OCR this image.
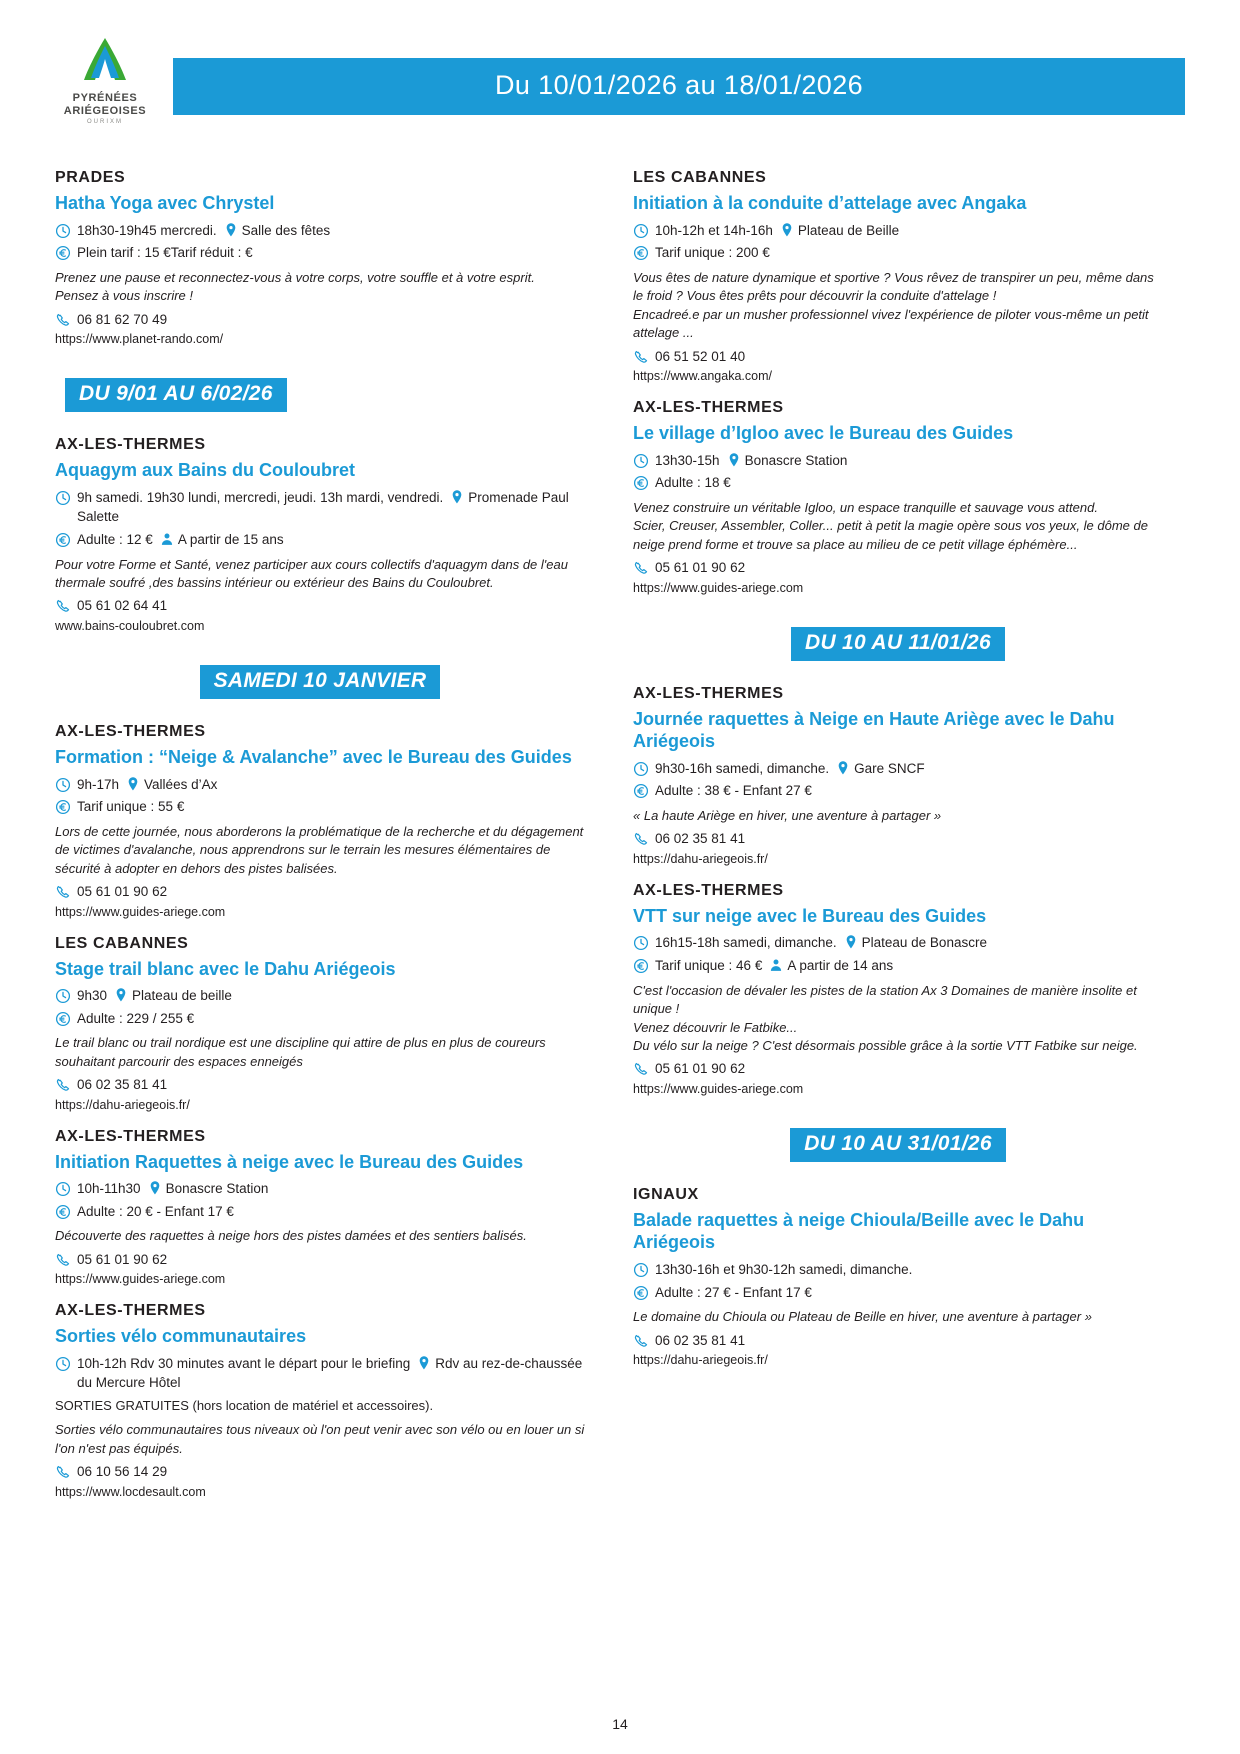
PYRÉNÉES
ARIÉGEOISES
OURIXM
Du 10/01/2026 au 18/01/2026
PRADES
Hatha Yoga avec Chrystel
18h30-19h45 mercredi. Salle des fêtes
Plein tarif : 15 €Tarif réduit : €
Prenez une pause et reconnectez-vous à votre corps, votre souffle et à votre esprit.
Pensez à vous inscrire !
06 81 62 70 49
https://www.planet-rando.com/
DU 9/01 AU 6/02/26
AX-LES-THERMES
Aquagym aux Bains du Couloubret
9h samedi. 19h30 lundi, mercredi, jeudi. 13h mardi, vendredi. Promenade Paul Salette
Adulte : 12 € A partir de 15 ans
Pour votre Forme et Santé, venez participer aux cours collectifs d'aquagym dans de l'eau thermale soufré ,des bassins intérieur ou extérieur des Bains du Couloubret.
05 61 02 64 41
www.bains-couloubret.com
SAMEDI 10 JANVIER
AX-LES-THERMES
Formation : “Neige & Avalanche” avec le Bureau des Guides
9h-17h Vallées d’Ax
Tarif unique : 55 €
Lors de cette journée, nous aborderons la problématique de la recherche et du dégagement de victimes d'avalanche, nous apprendrons sur le terrain les mesures élémentaires de sécurité à adopter en dehors des pistes balisées.
05 61 01 90 62
https://www.guides-ariege.com
LES CABANNES
Stage trail blanc avec le Dahu Ariégeois
9h30 Plateau de beille
Adulte : 229 / 255 €
Le trail blanc ou trail nordique est une discipline qui attire de plus en plus de coureurs souhaitant parcourir des espaces enneigés
06 02 35 81 41
https://dahu-ariegeois.fr/
AX-LES-THERMES
Initiation Raquettes à neige avec le Bureau des Guides
10h-11h30 Bonascre Station
Adulte : 20 € - Enfant 17 €
Découverte des raquettes à neige hors des pistes damées et des sentiers balisés.
05 61 01 90 62
https://www.guides-ariege.com
AX-LES-THERMES
Sorties vélo communautaires
10h-12h Rdv 30 minutes avant le départ pour le briefing Rdv au rez-de-chaussée du Mercure Hôtel
SORTIES GRATUITES (hors location de matériel et accessoires).
Sorties vélo communautaires tous niveaux où l'on peut venir avec son vélo ou en louer un si l'on n'est pas équipés.
06 10 56 14 29
https://www.locdesault.com
LES CABANNES
Initiation à la conduite d’attelage avec Angaka
10h-12h et 14h-16h Plateau de Beille
Tarif unique : 200 €
Vous êtes de nature dynamique et sportive ? Vous rêvez de transpirer un peu, même dans le froid ? Vous êtes prêts pour découvrir la conduite d'attelage !
Encadreé.e par un musher professionnel vivez l'expérience de piloter vous-même un petit attelage ...
06 51 52 01 40
https://www.angaka.com/
AX-LES-THERMES
Le village d’Igloo avec le Bureau des Guides
13h30-15h Bonascre Station
Adulte : 18 €
Venez construire un véritable Igloo, un espace tranquille et sauvage vous attend.
Scier, Creuser, Assembler, Coller... petit à petit la magie opère sous vos yeux, le dôme de neige prend forme et trouve sa place au milieu de ce petit village éphémère...
05 61 01 90 62
https://www.guides-ariege.com
DU 10 AU 11/01/26
AX-LES-THERMES
Journée raquettes à Neige en Haute Ariège avec le Dahu Ariégeois
9h30-16h samedi, dimanche. Gare SNCF
Adulte : 38 € - Enfant 27 €
« La haute Ariège en hiver, une aventure à partager »
06 02 35 81 41
https://dahu-ariegeois.fr/
AX-LES-THERMES
VTT sur neige avec le Bureau des Guides
16h15-18h samedi, dimanche. Plateau de Bonascre
Tarif unique : 46 € A partir de 14 ans
C'est l'occasion de dévaler les pistes de la station Ax 3 Domaines de manière insolite et unique !
Venez découvrir le Fatbike...
Du vélo sur la neige ? C'est désormais possible grâce à la sortie VTT Fatbike sur neige.
05 61 01 90 62
https://www.guides-ariege.com
DU 10 AU 31/01/26
IGNAUX
Balade raquettes à neige Chioula/Beille avec le Dahu Ariégeois
13h30-16h et 9h30-12h samedi, dimanche.
Adulte : 27 € - Enfant 17 €
Le domaine du Chioula ou Plateau de Beille en hiver, une aventure à partager »
06 02 35 81 41
https://dahu-ariegeois.fr/
14
